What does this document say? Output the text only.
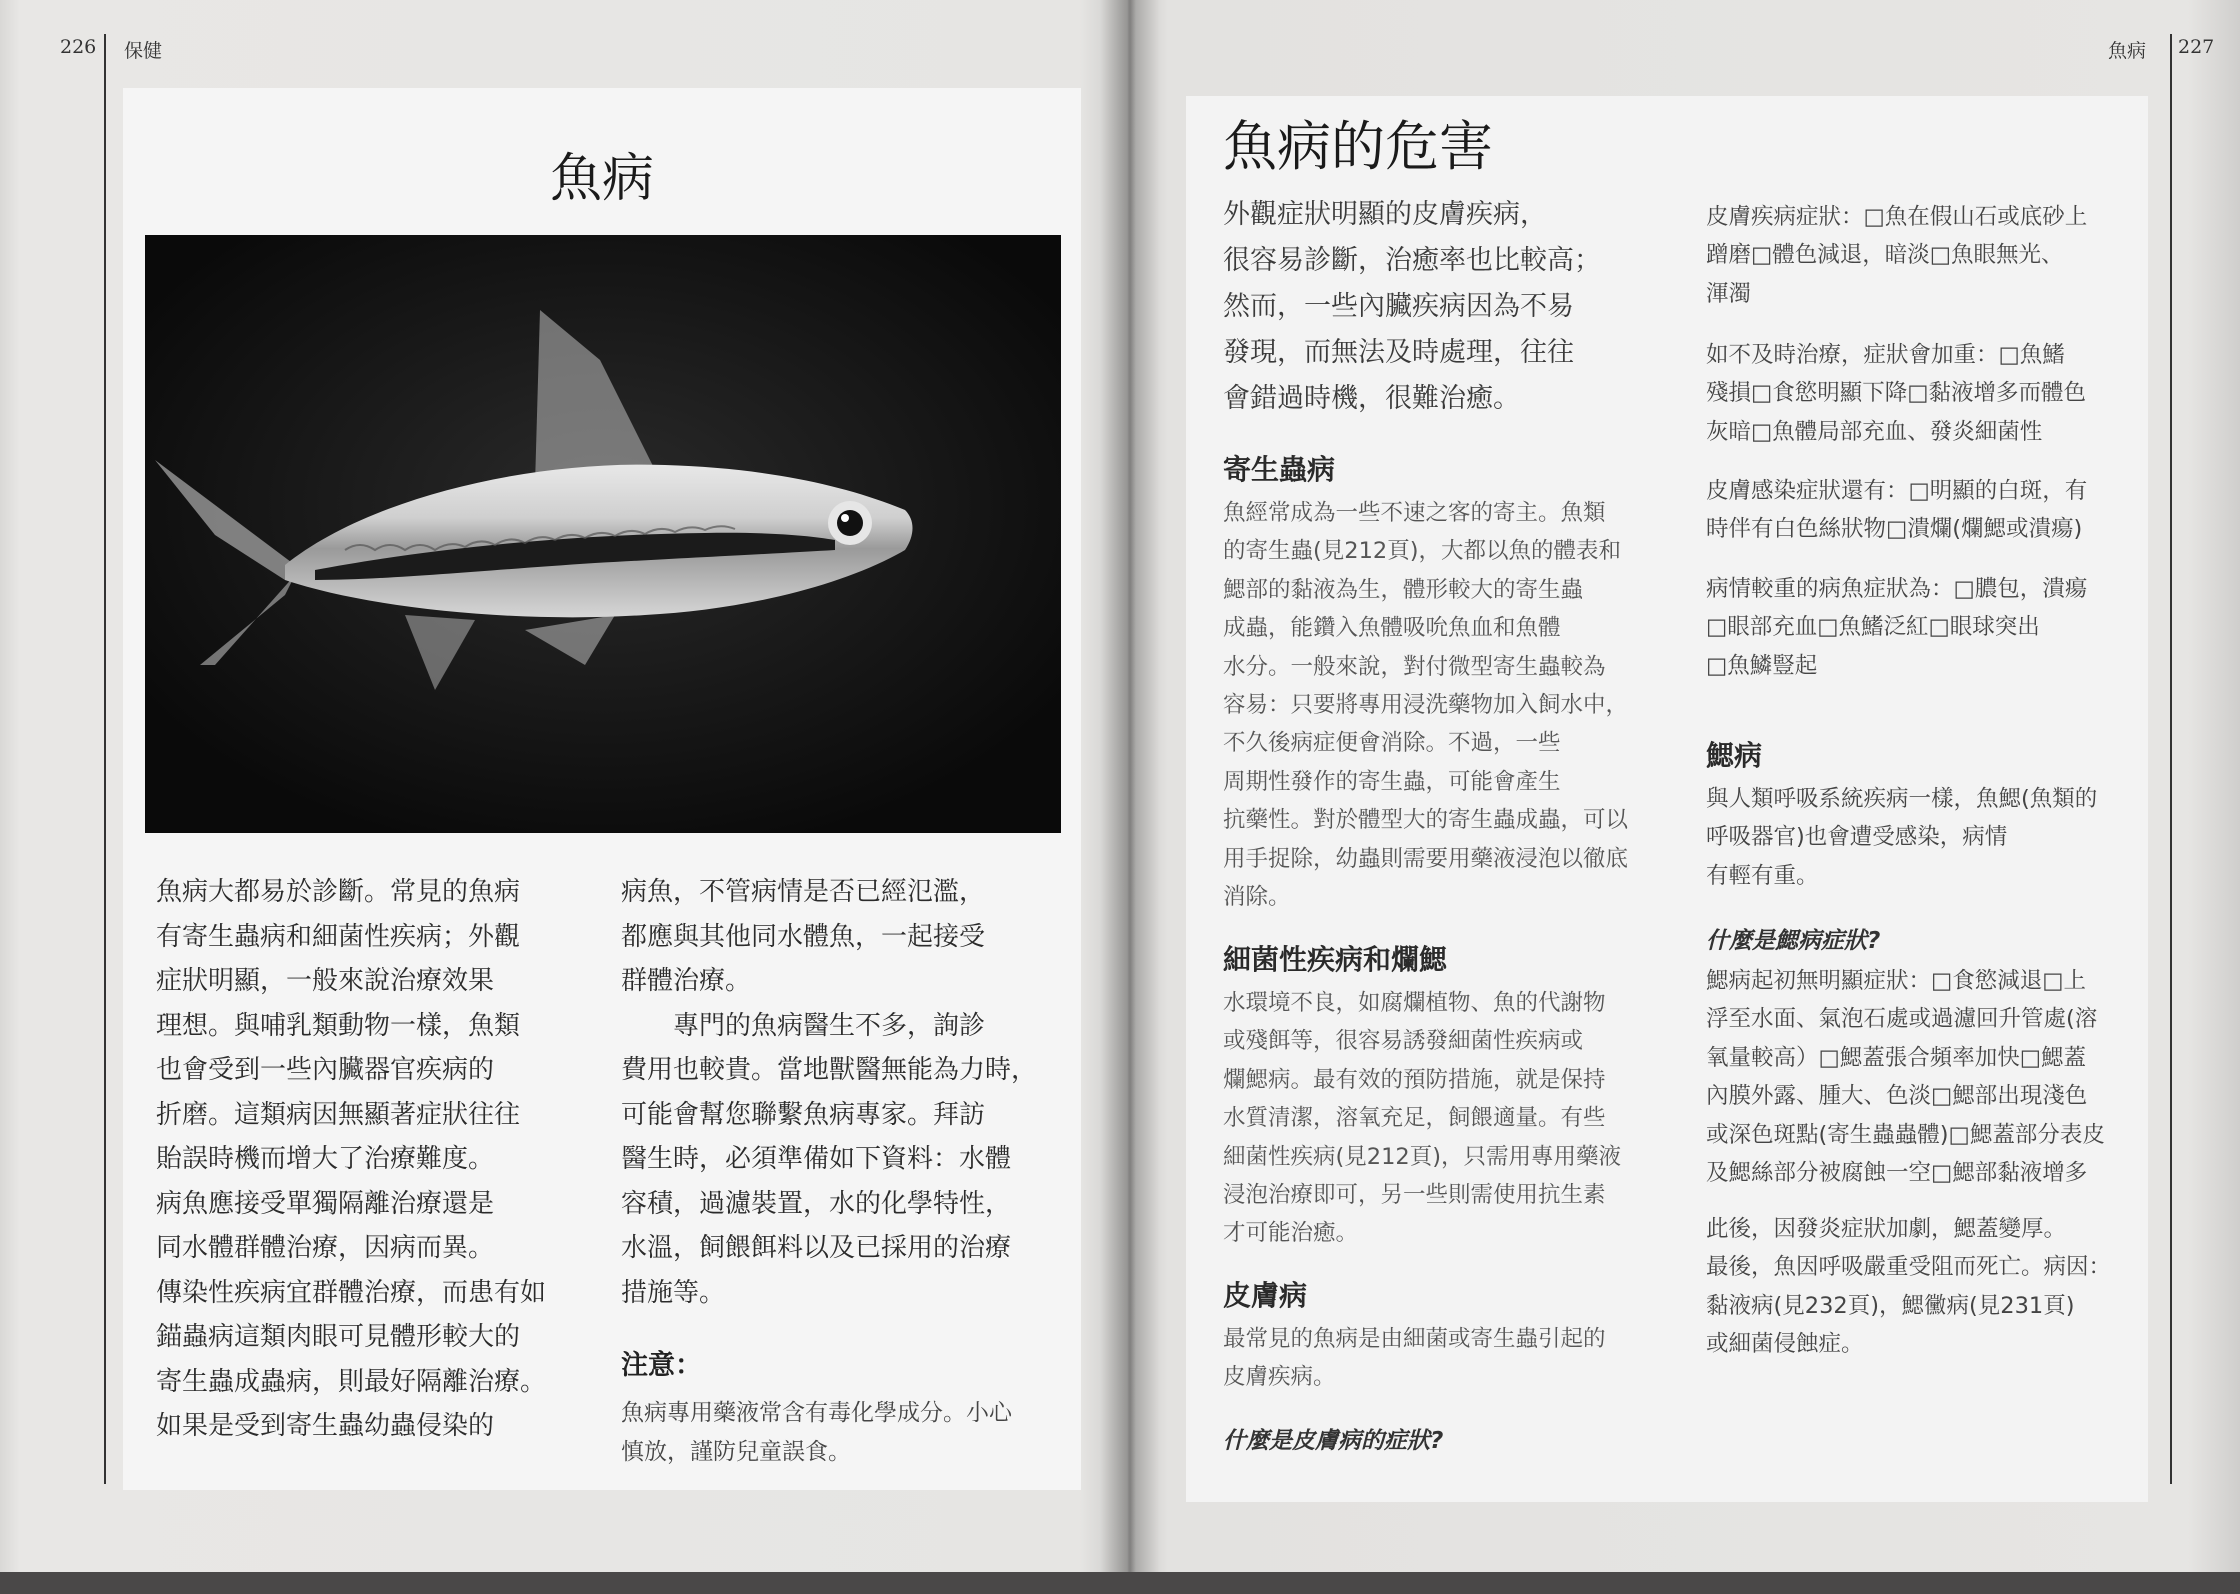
226 保健
魚病
魚病大都易於診斷。常見的魚病
有寄生蟲病和細菌性疾病；外觀
症狀明顯，一般來說治療效果
理想。與哺乳類動物一樣，魚類
也會受到一些內臟器官疾病的
折磨。這類病因無顯著症狀往往
貽誤時機而增大了治療難度。
病魚應接受單獨隔離治療還是
同水體群體治療，因病而異。
傳染性疾病宜群體治療，而患有如
錨蟲病這類肉眼可見體形較大的
寄生蟲成蟲病，則最好隔離治療。
如果是受到寄生蟲幼蟲侵染的
病魚，不管病情是否已經氾濫，
都應與其他同水體魚，一起接受
群體治療。
　　專門的魚病醫生不多，詢診
費用也較貴。當地獸醫無能為力時，
可能會幫您聯繫魚病專家。拜訪
醫生時，必須準備如下資料：水體
容積，過濾裝置，水的化學特性，
水溫，飼餵餌料以及已採用的治療
措施等。
注意：
魚病專用藥液常含有毒化學成分。小心
慎放，謹防兒童誤食。
魚病 227
魚病的危害
外觀症狀明顯的皮膚疾病，
很容易診斷，治癒率也比較高；
然而，一些內臟疾病因為不易
發現，而無法及時處理，往往
會錯過時機，很難治癒。
寄生蟲病
魚經常成為一些不速之客的寄主。魚類
的寄生蟲(見212頁)，大都以魚的體表和
鰓部的黏液為生，體形較大的寄生蟲
成蟲，能鑽入魚體吸吮魚血和魚體
水分。一般來說，對付微型寄生蟲較為
容易：只要將專用浸洗藥物加入飼水中，
不久後病症便會消除。不過，一些
周期性發作的寄生蟲，可能會產生
抗藥性。對於體型大的寄生蟲成蟲，可以
用手捉除，幼蟲則需要用藥液浸泡以徹底
消除。
細菌性疾病和爛鰓
水環境不良，如腐爛植物、魚的代謝物
或殘餌等，很容易誘發細菌性疾病或
爛鰓病。最有效的預防措施，就是保持
水質清潔，溶氧充足，飼餵適量。有些
細菌性疾病(見212頁)，只需用專用藥液
浸泡治療即可，另一些則需使用抗生素
才可能治癒。
皮膚病
最常見的魚病是由細菌或寄生蟲引起的
皮膚疾病。
什麼是皮膚病的症狀?
皮膚疾病症狀：□魚在假山石或底砂上
蹭磨□體色減退，暗淡□魚眼無光、
渾濁
如不及時治療，症狀會加重：□魚鰭
殘損□食慾明顯下降□黏液增多而體色
灰暗□魚體局部充血、發炎細菌性
皮膚感染症狀還有：□明顯的白斑，有
時伴有白色絲狀物□潰爛(爛鰓或潰瘍)
病情較重的病魚症狀為：□膿包，潰瘍
□眼部充血□魚鰭泛紅□眼球突出
□魚鱗豎起
鰓病
與人類呼吸系統疾病一樣，魚鰓(魚類的
呼吸器官)也會遭受感染，病情
有輕有重。
什麼是鰓病症狀?
鰓病起初無明顯症狀：□食慾減退□上
浮至水面、氣泡石處或過濾回升管處(溶
氧量較高）□鰓蓋張合頻率加快□鰓蓋
內膜外露、腫大、色淡□鰓部出現淺色
或深色斑點(寄生蟲蟲體)□鰓蓋部分表皮
及鰓絲部分被腐蝕一空□鰓部黏液增多
此後，因發炎症狀加劇，鰓蓋變厚。
最後，魚因呼吸嚴重受阻而死亡。病因：
黏液病(見232頁)，鰓黴病(見231頁)
或細菌侵蝕症。
